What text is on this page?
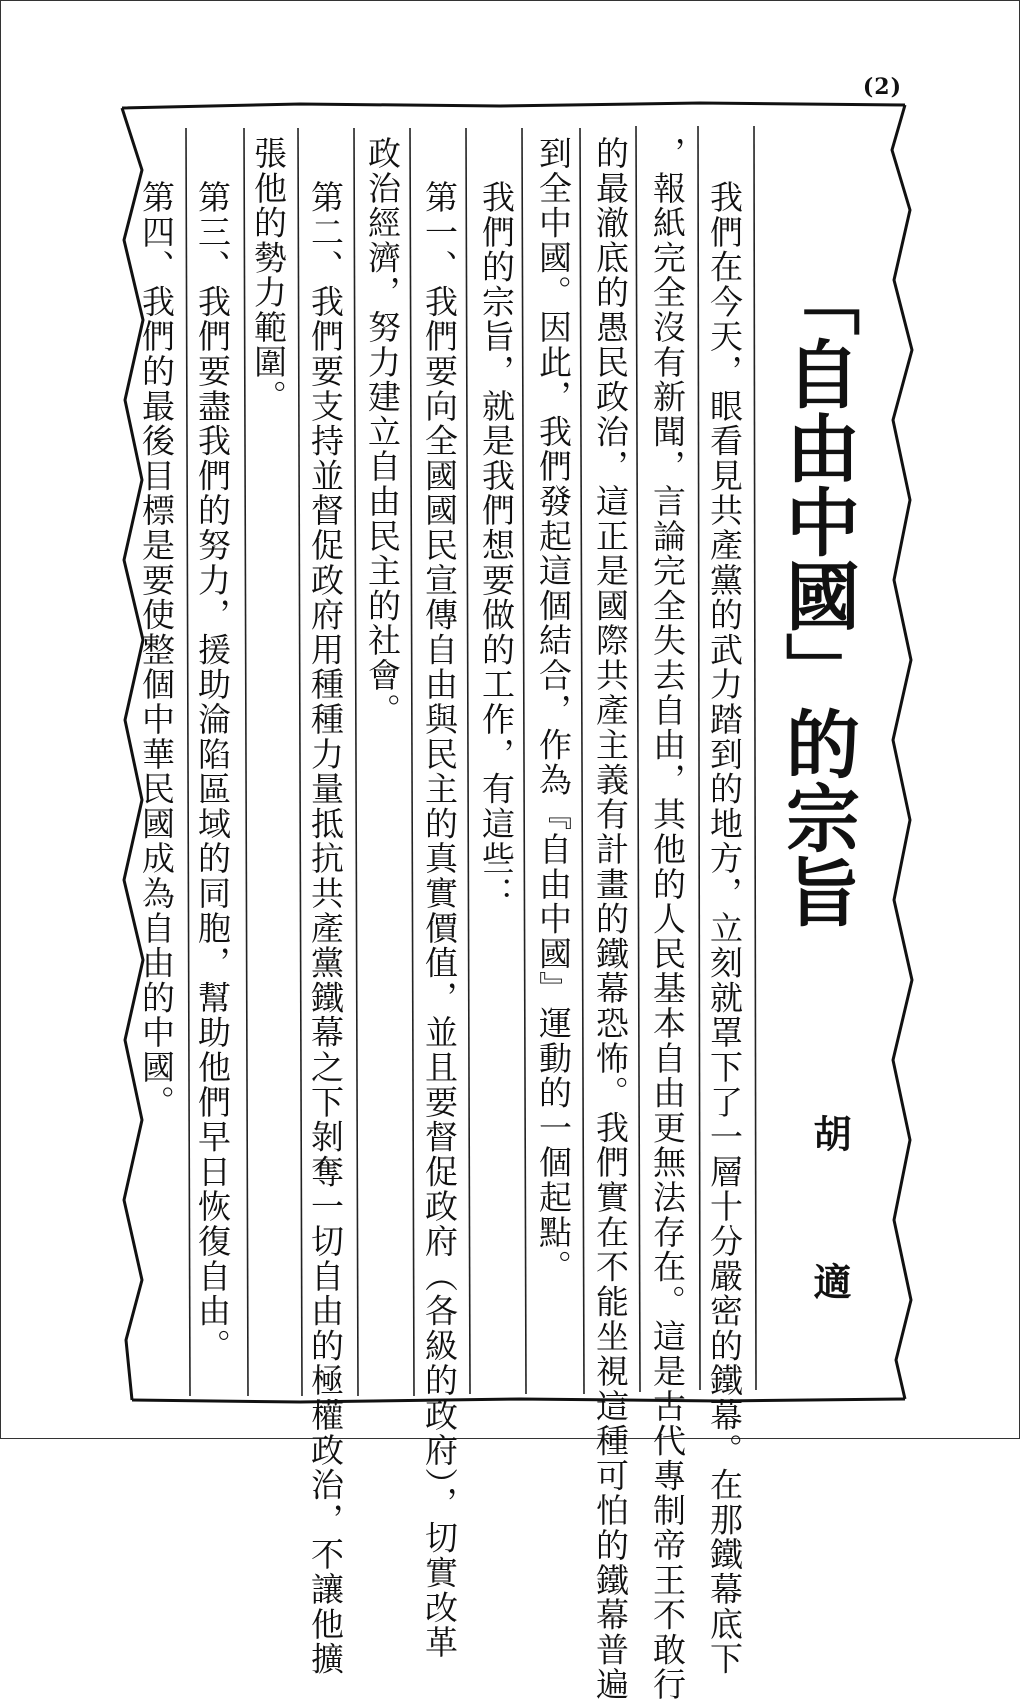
(2)
「自由中國」的宗旨
胡　適

我們在今天，眼看見共產黨的武力踏到的地方，立刻就罩下了一層十分嚴密的鐵幕。在那鐵幕底下

，報紙完全沒有新聞，言論完全失去自由，其他的人民基本自由更無法存在。這是古代專制帝王不敢行

的最澈底的愚民政治，這正是國際共產主義有計畫的鐵幕恐怖。我們實在不能坐視這種可怕的鐵幕普遍

到全中國。因此，我們發起這個結合，作為『自由中國』運動的一個起點。

我們的宗旨，就是我們想要做的工作，有這些：

第一、我們要向全國國民宣傳自由與民主的真實價值，並且要督促政府（各級的政府），切實改革

政治經濟，努力建立自由民主的社會。

第二、我們要支持並督促政府用種種力量抵抗共產黨鐵幕之下剝奪一切自由的極權政治，不讓他擴

張他的勢力範圍。

第三、我們要盡我們的努力，援助淪陷區域的同胞，幫助他們早日恢復自由。

第四、我們的最後目標是要使整個中華民國成為自由的中國。
